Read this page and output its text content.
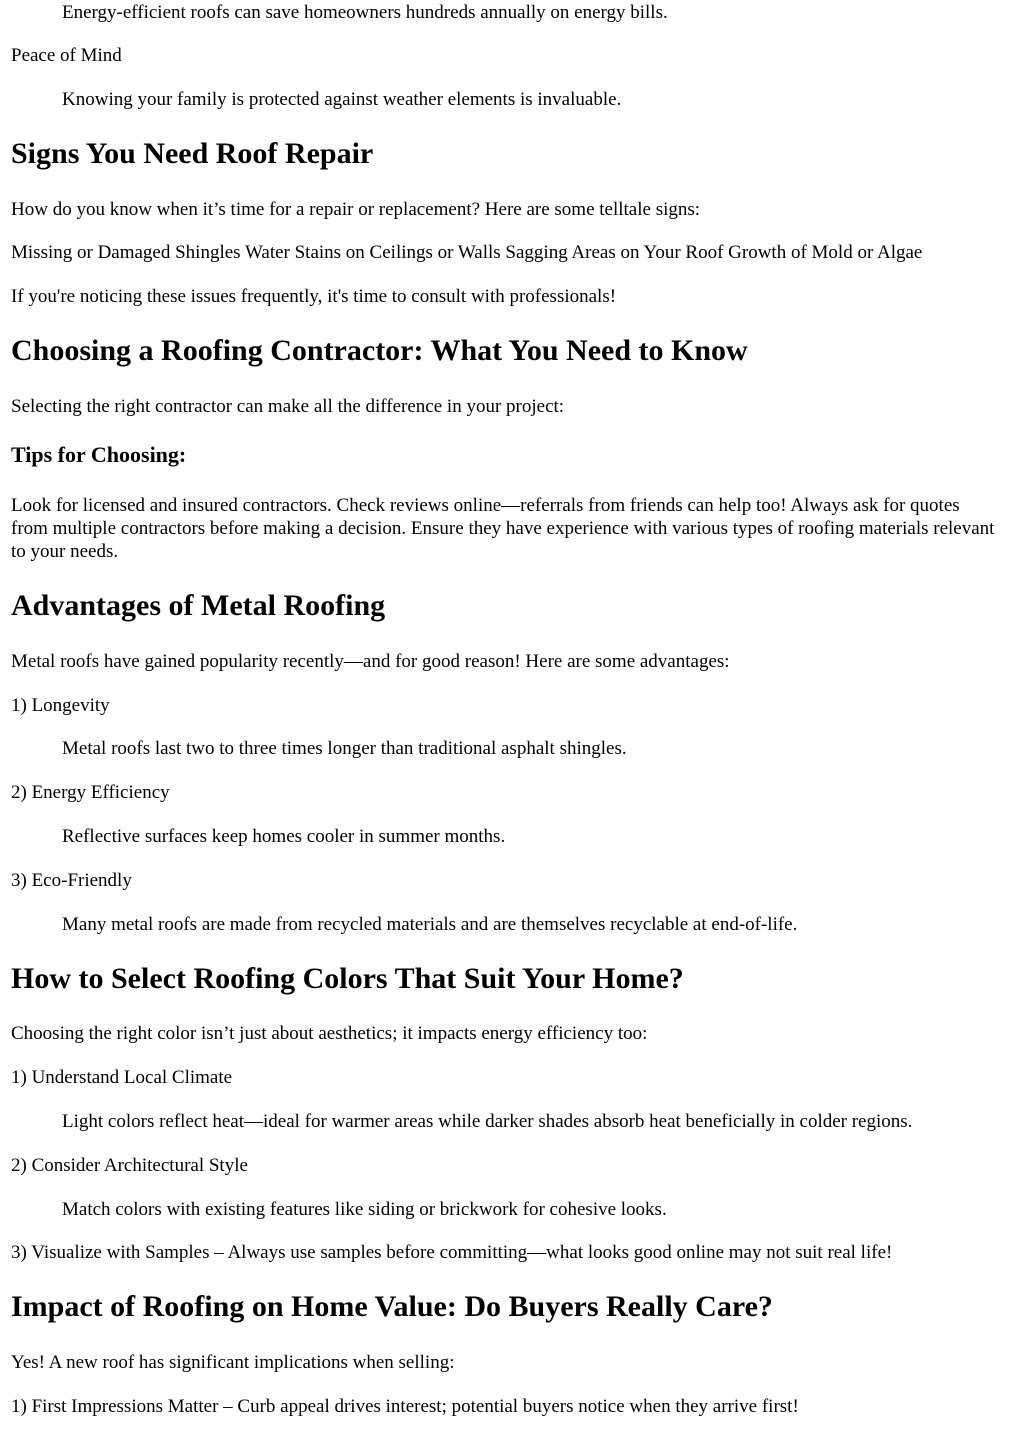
Energy-efficient roofs can save homeowners hundreds annually on energy bills.
Peace of Mind
Knowing your family is protected against weather elements is invaluable.
Signs You Need Roof Repair
How do you know when it’s time for a repair or replacement? Here are some telltale signs:
Missing or Damaged Shingles Water Stains on Ceilings or Walls Sagging Areas on Your Roof Growth of Mold or Algae
If you're noticing these issues frequently, it's time to consult with professionals!
Choosing a Roofing Contractor: What You Need to Know
Selecting the right contractor can make all the difference in your project:
Tips for Choosing:
Look for licensed and insured contractors. Check reviews online—referrals from friends can help too! Always ask for quotes from multiple contractors before making a decision. Ensure they have experience with various types of roofing materials relevant to your needs.
Advantages of Metal Roofing
Metal roofs have gained popularity recently—and for good reason! Here are some advantages:
1) Longevity
Metal roofs last two to three times longer than traditional asphalt shingles.
2) Energy Efficiency
Reflective surfaces keep homes cooler in summer months.
3) Eco-Friendly
Many metal roofs are made from recycled materials and are themselves recyclable at end-of-life.
How to Select Roofing Colors That Suit Your Home?
Choosing the right color isn’t just about aesthetics; it impacts energy efficiency too:
1) Understand Local Climate
Light colors reflect heat—ideal for warmer areas while darker shades absorb heat beneficially in colder regions.
2) Consider Architectural Style
Match colors with existing features like siding or brickwork for cohesive looks.
3) Visualize with Samples – Always use samples before committing—what looks good online may not suit real life!
Impact of Roofing on Home Value: Do Buyers Really Care?
Yes! A new roof has significant implications when selling:
1) First Impressions Matter – Curb appeal drives interest; potential buyers notice when they arrive first!
